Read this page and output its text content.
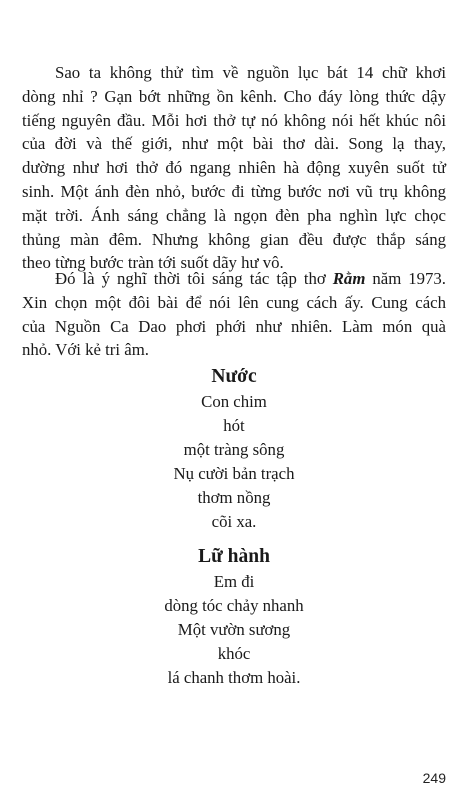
Sao ta không thử tìm về nguồn lục bát 14 chữ khơi
dòng nhỉ ? Gạn bớt những ồn kênh. Cho đáy lòng thức dậy
tiếng nguyên đầu. Mỗi hơi thở tự nó không nói hết khúc nôi
của đời và thế giới, như một bài thơ dài. Song lạ thay,
dường như hơi thở đó ngang nhiên hà động xuyên suốt tử
sinh. Một ánh đèn nhỏ, bước đi từng bước nơi vũ trụ không
mặt trời. Ánh sáng chẳng là ngọn đèn pha nghìn lực chọc
thủng màn đêm. Nhưng không gian đều được thắp sáng
theo từng bước tràn tới suốt dãy hư vô.
Đó là ý nghĩ thời tôi sáng tác tập thơ Rằm năm 1973.
Xin chọn một đôi bài để nói lên cung cách ấy. Cung cách
của Nguồn Ca Dao phơi phới như nhiên. Làm món quà
nhỏ. Với kẻ tri âm.
Nước
Con chim
hót
một tràng sông
Nụ cười bản trạch
thơm nồng
cõi xa.
Lữ hành
Em đi
dòng tóc chảy nhanh
Một vườn sương
khóc
lá chanh thơm hoài.
249
